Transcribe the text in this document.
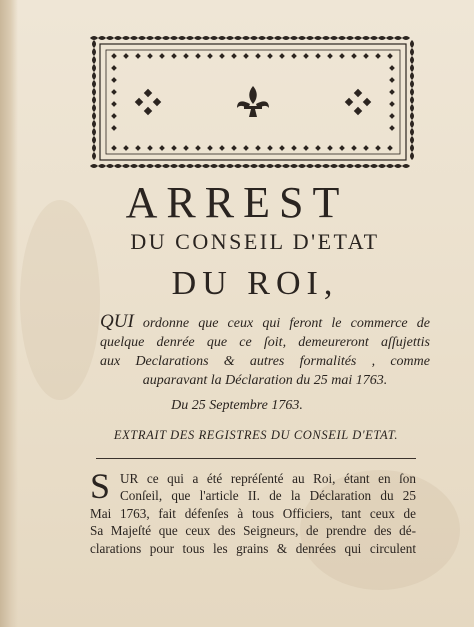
ARREST
DU CONSEIL D'ETAT
DU ROI,
QUI ordonne que ceux qui feront le commerce de
quelque denrée que ce ſoit, demeureront aſſujettis
aux Declarations & autres formalités , comme
auparavant la Déclaration du 25 mai 1763.
Du 25 Septembre 1763.
EXTRAIT DES REGISTRES DU CONSEIL D'ETAT.
S UR ce qui a été repréſenté au Roi, étant en ſon
Conſeil, que l'article II. de la Déclaration du 25
Mai 1763, fait défenſes à tous Officiers, tant ceux de
Sa Majeſté que ceux des Seigneurs, de prendre des dé-
clarations pour tous les grains & denrées qui circulent
